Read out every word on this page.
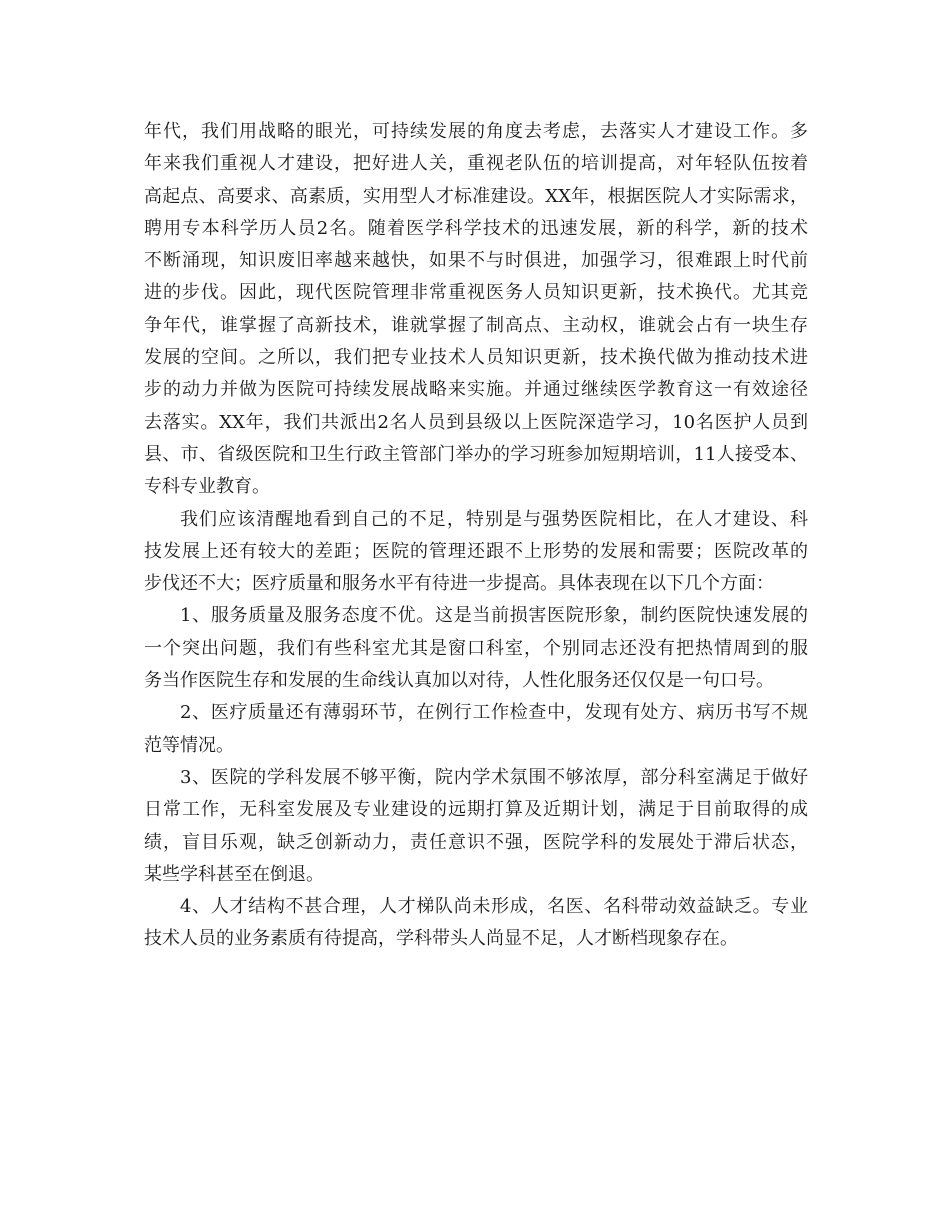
年代，我们用战略的眼光，可持续发展的角度去考虑，去落实人才建设工作。多
年来我们重视人才建设，把好进人关，重视老队伍的培训提高，对年轻队伍按着
高起点、高要求、高素质，实用型人才标准建设。XX年，根据医院人才实际需求，
聘用专本科学历人员2名。随着医学科学技术的迅速发展，新的科学，新的技术
不断涌现，知识废旧率越来越快，如果不与时俱进，加强学习，很难跟上时代前
进的步伐。因此，现代医院管理非常重视医务人员知识更新，技术换代。尤其竞
争年代，谁掌握了高新技术，谁就掌握了制高点、主动权，谁就会占有一块生存
发展的空间。之所以，我们把专业技术人员知识更新，技术换代做为推动技术进
步的动力并做为医院可持续发展战略来实施。并通过继续医学教育这一有效途径
去落实。XX年，我们共派出2名人员到县级以上医院深造学习，10名医护人员到
县、市、省级医院和卫生行政主管部门举办的学习班参加短期培训，11人接受本、
专科专业教育。
我们应该清醒地看到自己的不足，特别是与强势医院相比，在人才建设、科
技发展上还有较大的差距；医院的管理还跟不上形势的发展和需要；医院改革的
步伐还不大；医疗质量和服务水平有待进一步提高。具体表现在以下几个方面：
1、服务质量及服务态度不优。这是当前损害医院形象，制约医院快速发展的
一个突出问题，我们有些科室尤其是窗口科室，个别同志还没有把热情周到的服
务当作医院生存和发展的生命线认真加以对待，人性化服务还仅仅是一句口号。
2、医疗质量还有薄弱环节，在例行工作检查中，发现有处方、病历书写不规
范等情况。
3、医院的学科发展不够平衡，院内学术氛围不够浓厚，部分科室满足于做好
日常工作，无科室发展及专业建设的远期打算及近期计划，满足于目前取得的成
绩，盲目乐观，缺乏创新动力，责任意识不强，医院学科的发展处于滞后状态，
某些学科甚至在倒退。
4、人才结构不甚合理，人才梯队尚未形成，名医、名科带动效益缺乏。专业
技术人员的业务素质有待提高，学科带头人尚显不足，人才断档现象存在。
